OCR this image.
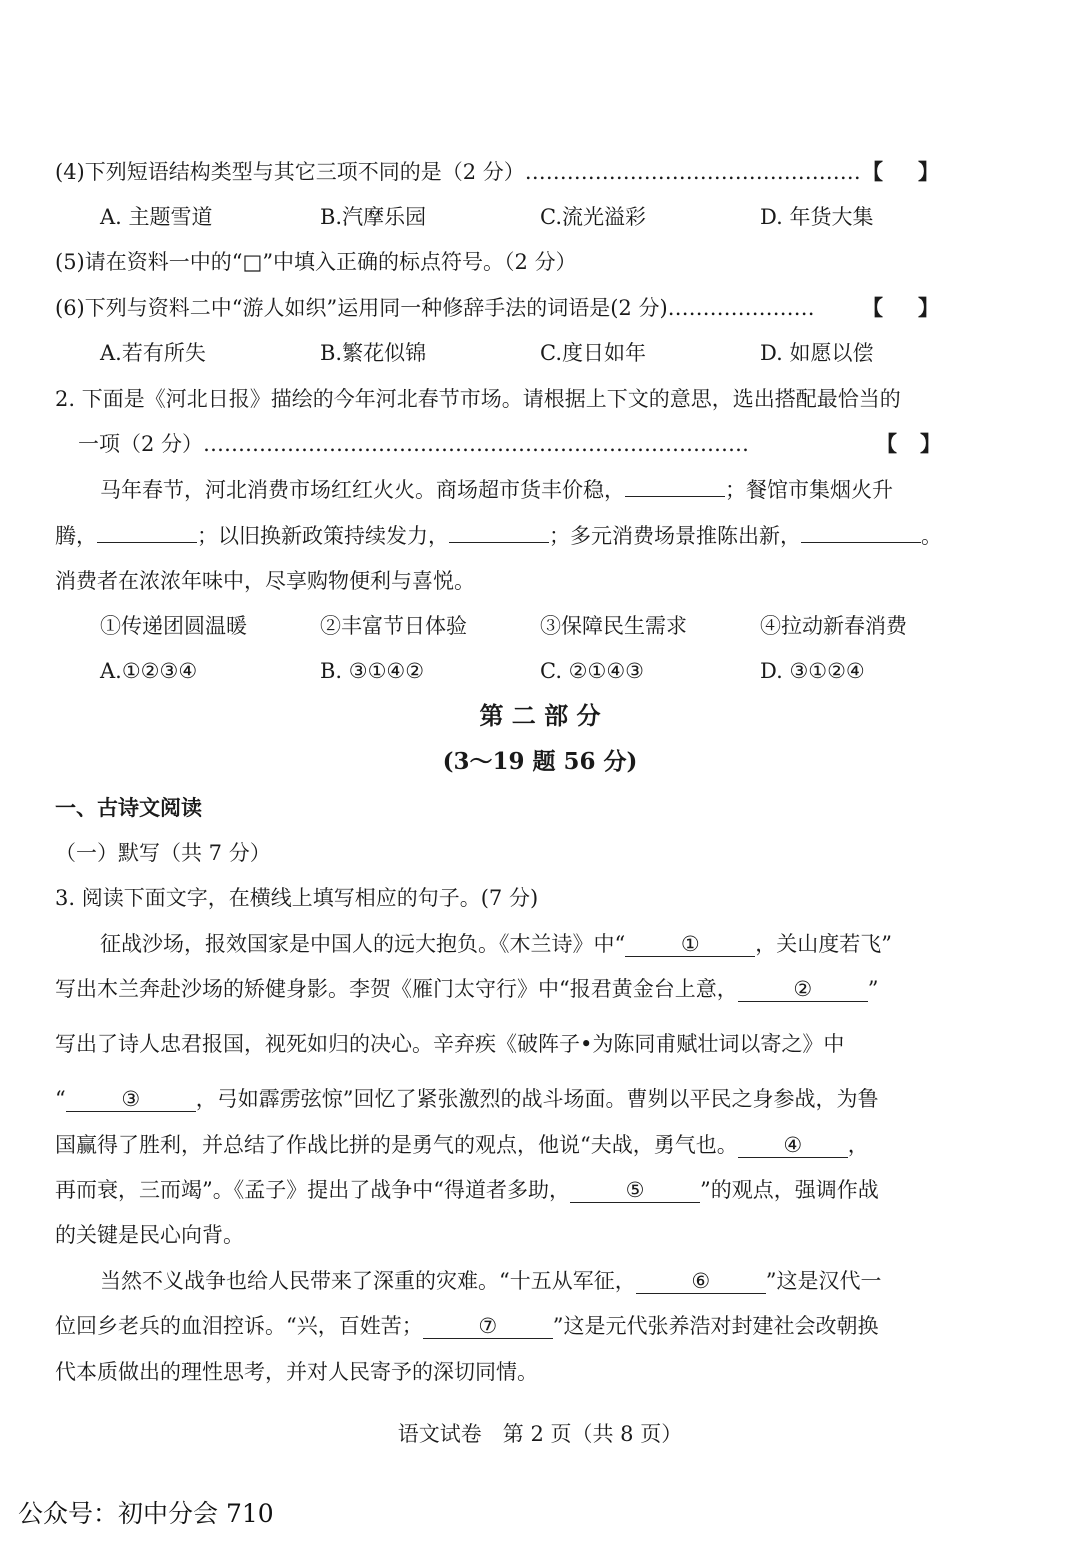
(4)下列短语结构类型与其它三项不同的是（2 分）………………………………………… 【 】
A. 主题雪道	B.汽摩乐园	C.流光溢彩	D. 年货大集
(5)请在资料一中的“□”中填入正确的标点符号。（2 分）
(6)下列与资料二中“游人如织”运用同一种修辞手法的词语是(2 分)………………… 【 】
A.若有所失	B.繁花似锦	C.度日如年	D. 如愿以偿
2. 下面是《河北日报》描绘的今年河北春节市场。请根据上下文的意思，选出搭配最恰当的
一项（2 分）……………………………………………………………………	【 】
马年春节，河北消费市场红红火火。商场超市货丰价稳，	；餐馆市集烟火升
腾，	；以旧换新政策持续发力，	；多元消费场景推陈出新，	。
消费者在浓浓年味中，尽享购物便利与喜悦。
①传递团圆温暖	②丰富节日体验	③保障民生需求	④拉动新春消费
A.①②③④	B. ③①④②	C. ②①④③	D. ③①②④
第 二 部 分
(3～19 题 56 分)
一、古诗文阅读
（一）默写（共 7 分）
3. 阅读下面文字，在横线上填写相应的句子。(7 分)
征战沙场，报效国家是中国人的远大抱负。《木兰诗》中“	①	，关山度若飞”
写出木兰奔赴沙场的矫健身影。李贺《雁门太守行》中“报君黄金台上意，	②	”
写出了诗人忠君报国，视死如归的决心。辛弃疾《破阵子•为陈同甫赋壮词以寄之》中
“	③	，弓如霹雳弦惊”回忆了紧张激烈的战斗场面。曹刿以平民之身参战，为鲁
国赢得了胜利，并总结了作战比拼的是勇气的观点，他说“夫战，勇气也。 ④ ，
再而衰，三而竭”。《孟子》提出了战争中“得道者多助，	⑤	”的观点，强调作战
的关键是民心向背。
当然不义战争也给人民带来了深重的灾难。“十五从军征，	⑥	”这是汉代一
位回乡老兵的血泪控诉。“兴，百姓苦；	⑦	”这是元代张养浩对封建社会改朝换
代本质做出的理性思考，并对人民寄予的深切同情。
语文试卷　第 2 页（共 8 页）
公众号：初中分会 710
